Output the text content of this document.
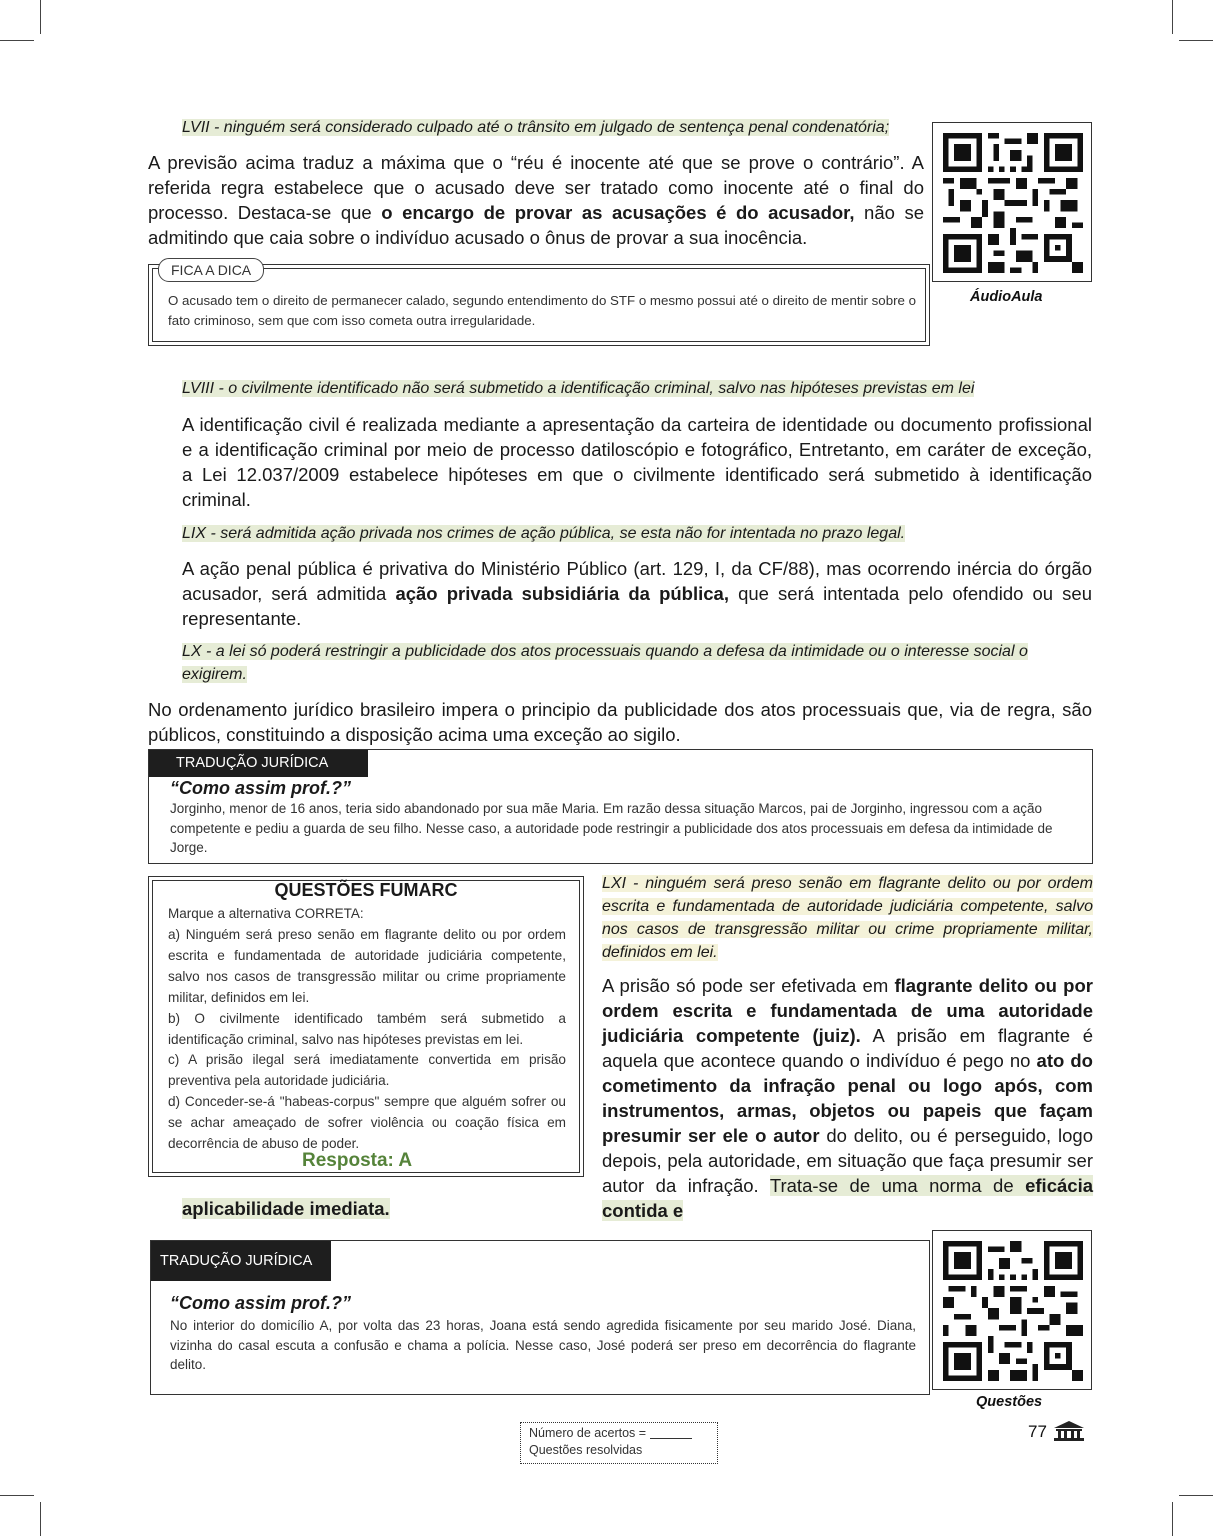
LVII - ninguém será considerado culpado até o trânsito em julgado de sentença penal condenatória;
A previsão acima traduz a máxima que o “réu é inocente até que se prove o contrário”. A referida regra estabelece que o acusado deve ser tratado como inocente até o final do processo. Destaca-se que o encargo de provar as acusações é do acusador, não se admitindo que caia sobre o indivíduo acusado o ônus de provar a sua inocência.
ÁudioAula
FICA A DICA
O acusado tem o direito de permanecer calado, segundo entendimento do STF o mesmo possui até o direito de mentir sobre o fato criminoso, sem que com isso cometa outra irregularidade.
LVIII - o civilmente identificado não será submetido a identificação criminal, salvo nas hipóteses previstas em lei
A identificação civil é realizada mediante a apresentação da carteira de identidade ou documento profissional e a identificação criminal por meio de processo datiloscópio e fotográfico, Entretanto, em caráter de exceção, a Lei 12.037/2009 estabelece hipóteses em que o civilmente identificado será submetido à identificação criminal.
LIX - será admitida ação privada nos crimes de ação pública, se esta não for intentada no prazo legal.
A ação penal pública é privativa do Ministério Público (art. 129, I, da CF/88), mas ocorrendo inércia do órgão acusador, será admitida ação privada subsidiária da pública, que será intentada pelo ofendido ou seu representante.
LX - a lei só poderá restringir a publicidade dos atos processuais quando a defesa da intimidade ou o interesse social o
exigirem.
No ordenamento jurídico brasileiro impera o principio da publicidade dos atos processuais que, via de regra, são públicos, constituindo a disposição acima uma exceção ao sigilo.
TRADUÇÃO JURÍDICA
“Como assim prof.?”
Jorginho, menor de 16 anos, teria sido abandonado por sua mãe Maria. Em razão dessa situação Marcos, pai de Jorginho, ingressou com a ação competente e pediu a guarda de seu filho. Nesse caso, a autoridade pode restringir a publicidade dos atos processuais em defesa da intimidade de Jorge.
QUESTÕES FUMARC
Marque a alternativa CORRETA:
a) Ninguém será preso senão em flagrante delito ou por ordem escrita e fundamentada de autoridade judiciária competente, salvo nos casos de transgressão militar ou crime propriamente militar, definidos em lei.
b) O civilmente identificado também será submetido a identificação criminal, salvo nas hipóteses previstas em lei.
c) A prisão ilegal será imediatamente convertida em prisão preventiva pela autoridade judiciária.
d) Conceder-se-á "habeas-corpus" sempre que alguém sofrer ou se achar ameaçado de sofrer violência ou coação física em decorrência de abuso de poder.
Resposta: A
LXI - ninguém será preso senão em flagrante delito ou por ordem escrita e fundamentada de autoridade judiciária competente, salvo nos casos de transgressão militar ou crime propriamente militar, definidos em lei.
A prisão só pode ser efetivada em flagrante delito ou por ordem escrita e fundamentada de uma autoridade judiciária competente (juiz). A prisão em flagrante é aquela que acontece quando o indivíduo é pego no ato do cometimento da infração penal ou logo após, com instrumentos, armas, objetos ou papeis que façam presumir ser ele o autor do delito, ou é perseguido, logo depois, pela autoridade, em situação que faça presumir ser autor da infração. Trata-se de uma norma de eficácia contida e
aplicabilidade imediata.
TRADUÇÃO JURÍDICA
“Como assim prof.?”
No interior do domicílio A, por volta das 23 horas, Joana está sendo agredida fisicamente por seu marido José. Diana, vizinha do casal escuta a confusão e chama a polícia. Nesse caso, José poderá ser preso em decorrência do flagrante delito.
Questões
Número de acertos =
Questões resolvidas
77
